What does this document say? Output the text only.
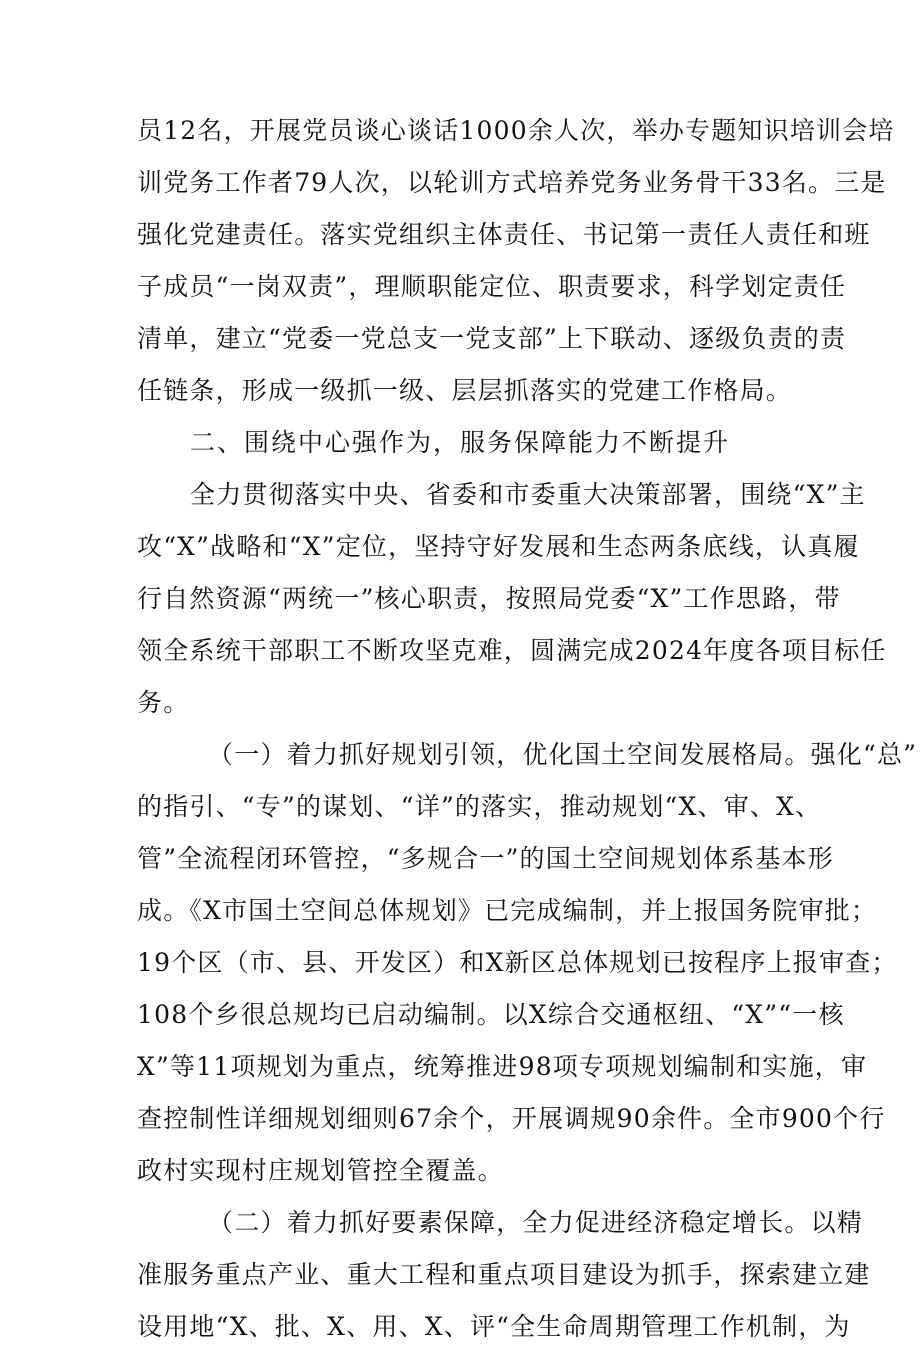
员12名，开展党员谈心谈话1000余人次，举办专题知识培训会培
训党务工作者79人次，以轮训方式培养党务业务骨干33名。三是
强化党建责任。落实党组织主体责任、书记第一责任人责任和班
子成员“一岗双责”，理顺职能定位、职责要求，科学划定责任
清单，建立“党委一党总支一党支部”上下联动、逐级负责的责
任链条，形成一级抓一级、层层抓落实的党建工作格局。
二、围绕中心强作为，服务保障能力不断提升
全力贯彻落实中央、省委和市委重大决策部署，围绕“X”主
攻“X”战略和“X”定位，坚持守好发展和生态两条底线，认真履
行自然资源“两统一”核心职责，按照局党委“X”工作思路，带
领全系统干部职工不断攻坚克难，圆满完成2024年度各项目标任
务。
（一）着力抓好规划引领，优化国土空间发展格局。强化“总”
的指引、“专”的谋划、“详”的落实，推动规划“X、审、X、
管”全流程闭环管控，“多规合一”的国土空间规划体系基本形
成。《X市国土空间总体规划》已完成编制，并上报国务院审批；
19个区（市、县、开发区）和X新区总体规划已按程序上报审查；
108个乡很总规均已启动编制。以X综合交通枢纽、“X”“一核
X”等11项规划为重点，统筹推进98项专项规划编制和实施，审
查控制性详细规划细则67余个，开展调规90余件。全市900个行
政村实现村庄规划管控全覆盖。
（二）着力抓好要素保障，全力促进经济稳定增长。以精
准服务重点产业、重大工程和重点项目建设为抓手，探索建立建
设用地“X、批、X、用、X、评“全生命周期管理工作机制，为
